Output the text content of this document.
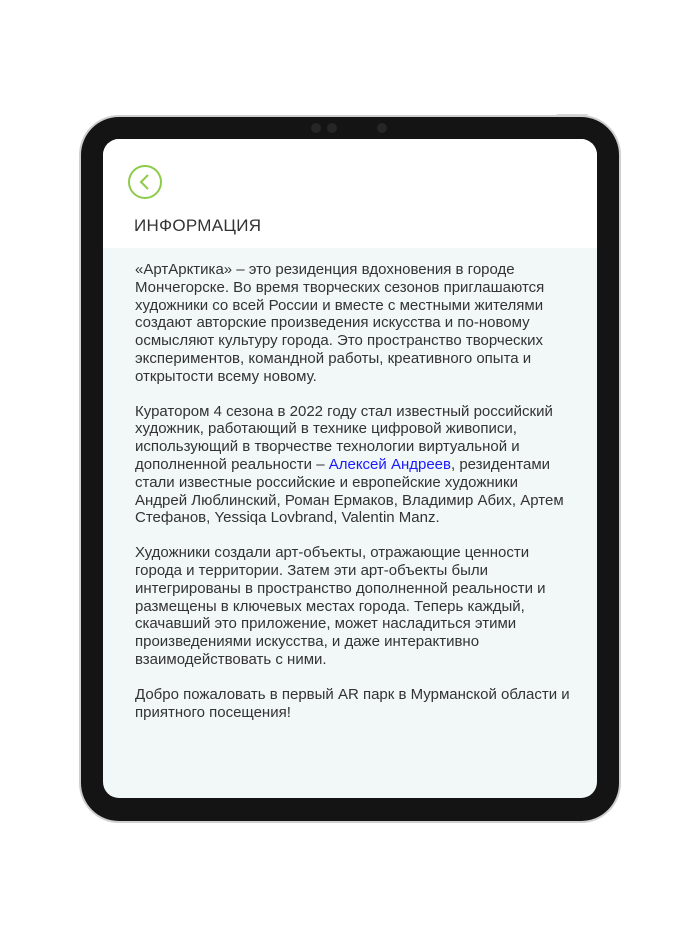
ИНФОРМАЦИЯ

«АртАрктика» – это резиденция вдохновения в городе Мончегорске. Во время творческих сезонов приглашаются художники со всей России и вместе с местными жителями создают авторские произведения искусства и по-новому осмысляют культуру города. Это пространство творческих экспериментов, командной работы, креативного опыта и открытости всему новому.

Куратором 4 сезона в 2022 году стал известный российский художник, работающий в технике цифровой живописи, использующий в творчестве технологии виртуальной и дополненной реальности – Алексей Андреев, резидентами стали известные российские и европейские художники Андрей Люблинский, Роман Ермаков, Владимир Абих, Артем Стефанов, Yessiqa Lovbrand, Valentin Manz.

Художники создали арт-объекты, отражающие ценности города и территории. Затем эти арт-объекты были интегрированы в пространство дополненной реальности и размещены в ключевых местах города. Теперь каждый, скачавший это приложение, может насладиться этими произведениями искусства, и даже интерактивно взаимодействовать с ними.

Добро пожаловать в первый AR парк в Мурманской области и приятного посещения!
